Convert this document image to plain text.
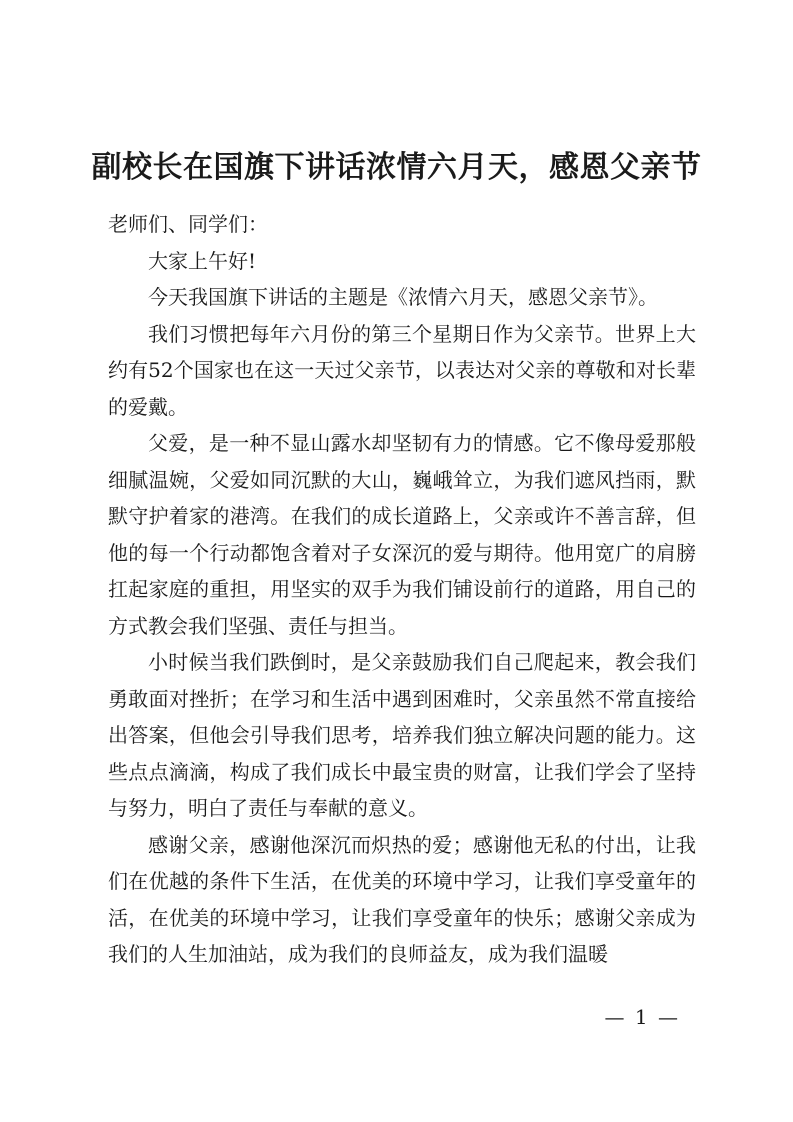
副校长在国旗下讲话浓情六月天，感恩父亲节

老师们、同学们：

大家上午好!

今天我国旗下讲话的主题是《浓情六月天，感恩父亲节》。

我们习惯把每年六月份的第三个星期日作为父亲节。世界上大约有52个国家也在这一天过父亲节，以表达对父亲的尊敬和对长辈的爱戴。

父爱，是一种不显山露水却坚韧有力的情感。它不像母爱那般细腻温婉，父爱如同沉默的大山，巍峨耸立，为我们遮风挡雨，默默守护着家的港湾。在我们的成长道路上，父亲或许不善言辞，但他的每一个行动都饱含着对子女深沉的爱与期待。他用宽广的肩膀扛起家庭的重担，用坚实的双手为我们铺设前行的道路，用自己的方式教会我们坚强、责任与担当。

小时候当我们跌倒时，是父亲鼓励我们自己爬起来，教会我们勇敢面对挫折；在学习和生活中遇到困难时，父亲虽然不常直接给出答案，但他会引导我们思考，培养我们独立解决问题的能力。这些点点滴滴，构成了我们成长中最宝贵的财富，让我们学会了坚持与努力，明白了责任与奉献的意义。

感谢父亲，感谢他深沉而炽热的爱；感谢他无私的付出，让我们在优越的条件下生活，在优美的环境中学习，让我们享受童年的活，在优美的环境中学习，让我们享受童年的快乐；感谢父亲成为我们的人生加油站，成为我们的良师益友，成为我们温暖

— 1 —
